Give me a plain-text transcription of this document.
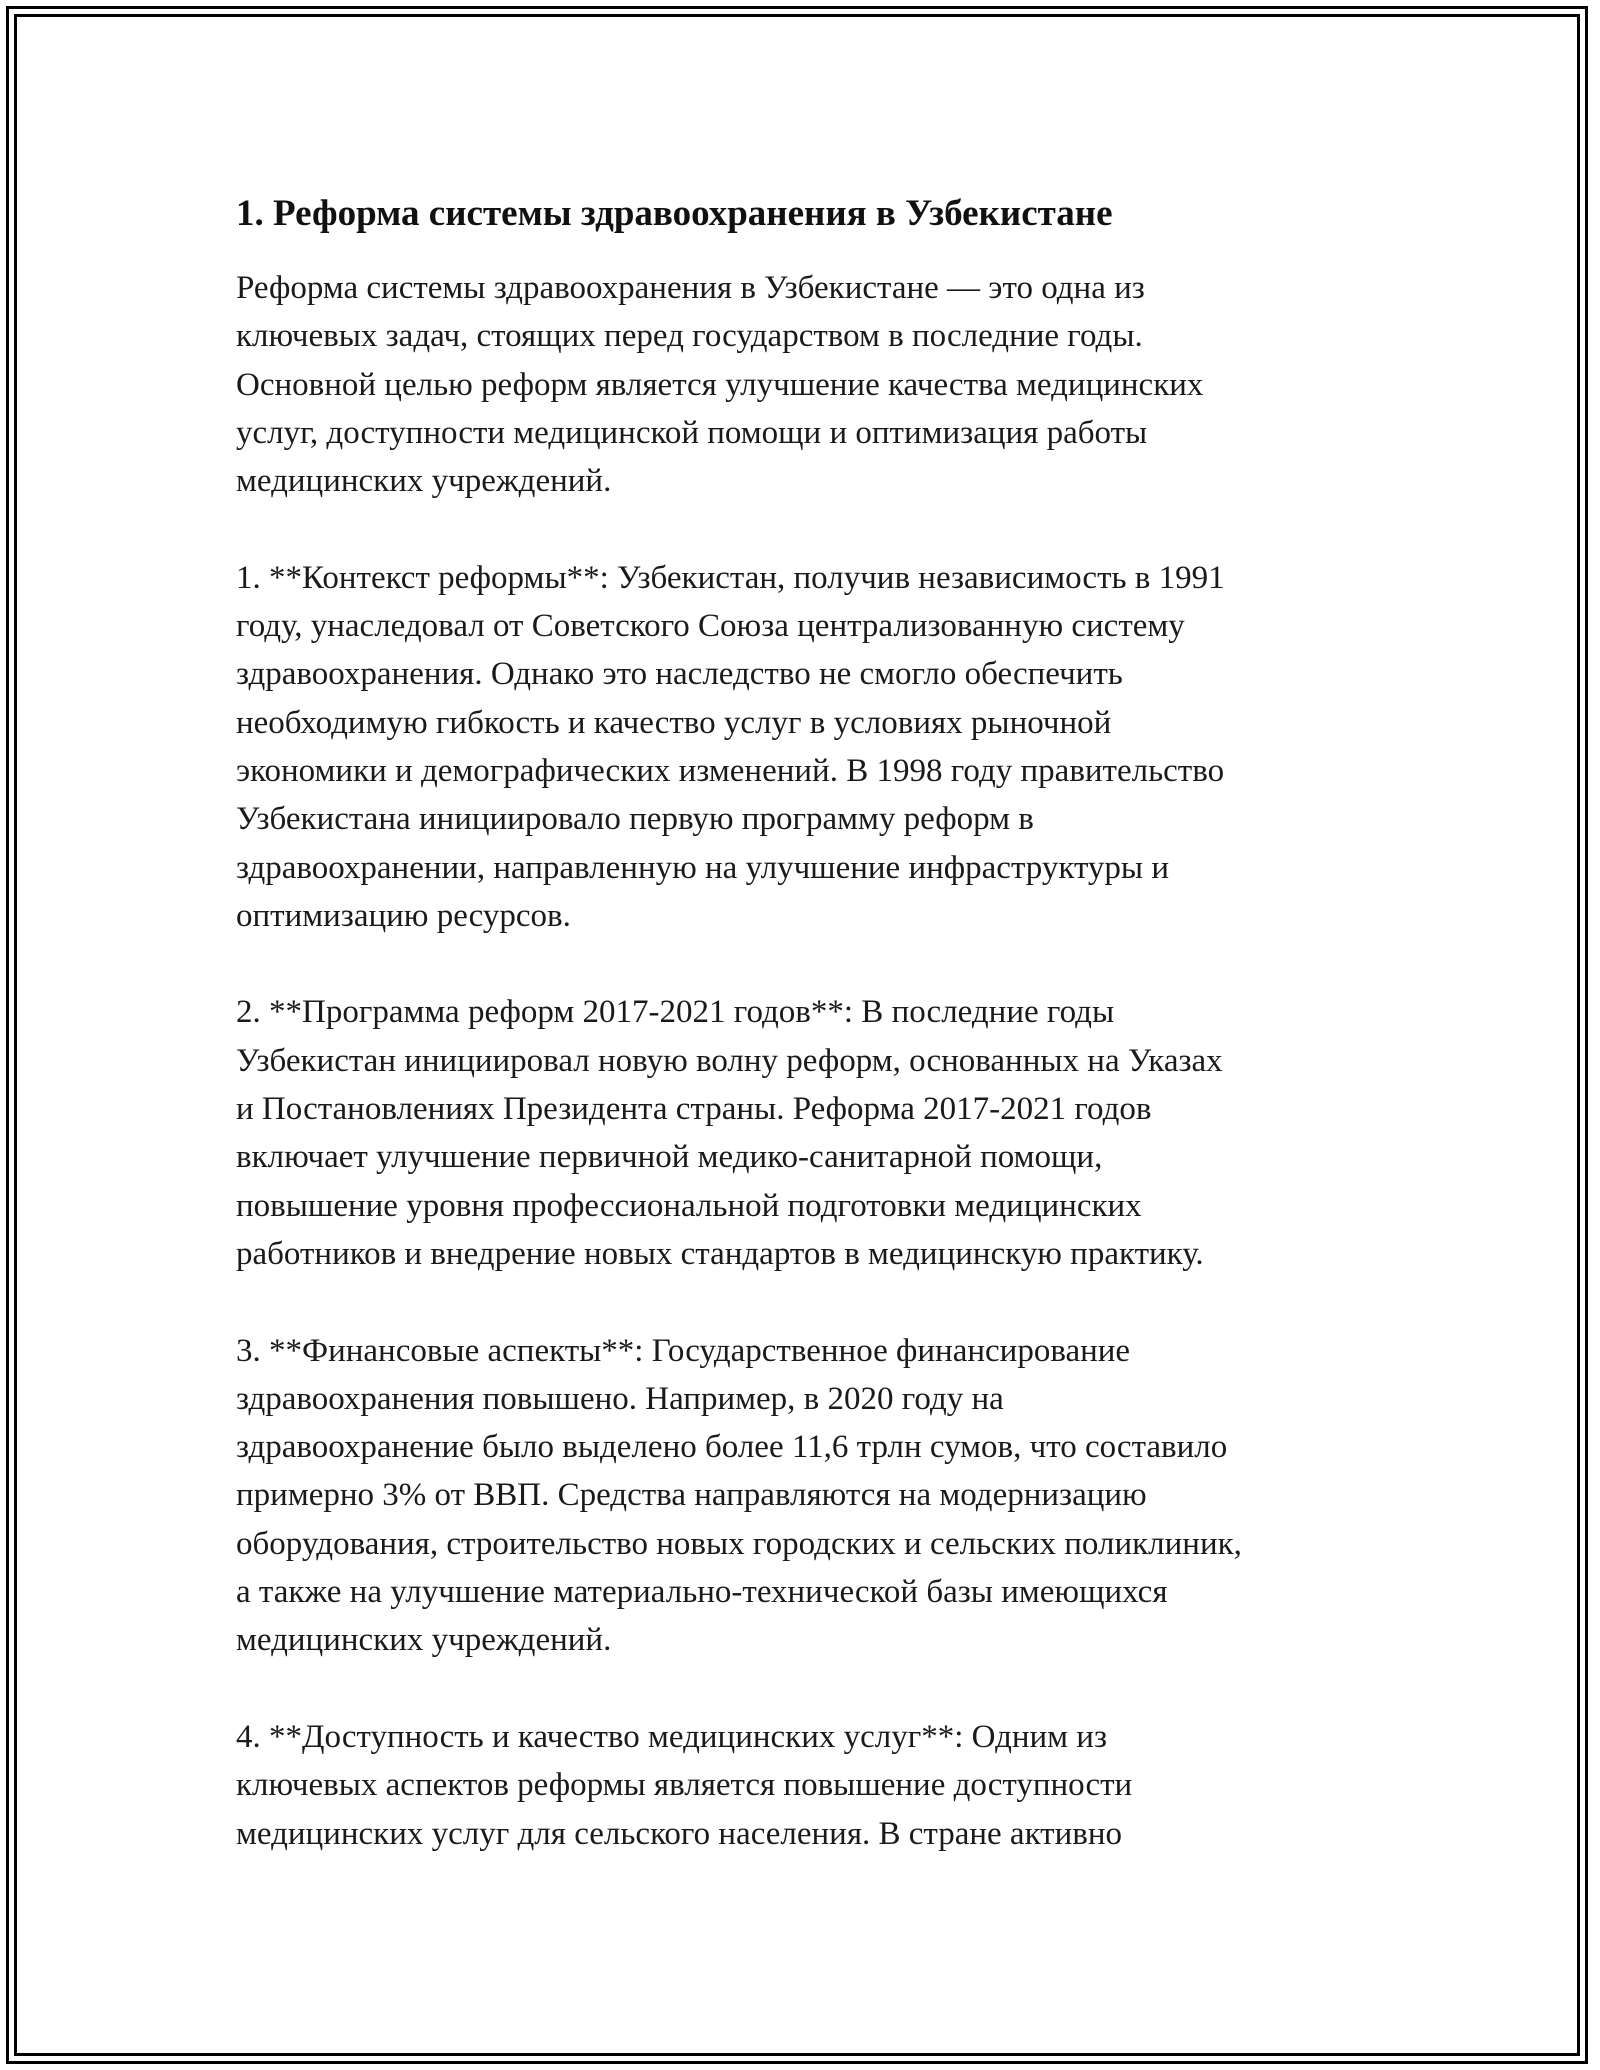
1. Реформа системы здравоохранения в Узбекистане
Реформа системы здравоохранения в Узбекистане — это одна из
ключевых задач, стоящих перед государством в последние годы.
Основной целью реформ является улучшение качества медицинских
услуг, доступности медицинской помощи и оптимизация работы
медицинских учреждений.
1. **Контекст реформы**: Узбекистан, получив независимость в 1991
году, унаследовал от Советского Союза централизованную систему
здравоохранения. Однако это наследство не смогло обеспечить
необходимую гибкость и качество услуг в условиях рыночной
экономики и демографических изменений. В 1998 году правительство
Узбекистана инициировало первую программу реформ в
здравоохранении, направленную на улучшение инфраструктуры и
оптимизацию ресурсов.
2. **Программа реформ 2017-2021 годов**: В последние годы
Узбекистан инициировал новую волну реформ, основанных на Указах
и Постановлениях Президента страны. Реформа 2017-2021 годов
включает улучшение первичной медико-санитарной помощи,
повышение уровня профессиональной подготовки медицинских
работников и внедрение новых стандартов в медицинскую практику.
3. **Финансовые аспекты**: Государственное финансирование
здравоохранения повышено. Например, в 2020 году на
здравоохранение было выделено более 11,6 трлн сумов, что составило
примерно 3% от ВВП. Средства направляются на модернизацию
оборудования, строительство новых городских и сельских поликлиник,
а также на улучшение материально-технической базы имеющихся
медицинских учреждений.
4. **Доступность и качество медицинских услуг**: Одним из
ключевых аспектов реформы является повышение доступности
медицинских услуг для сельского населения. В стране активно
